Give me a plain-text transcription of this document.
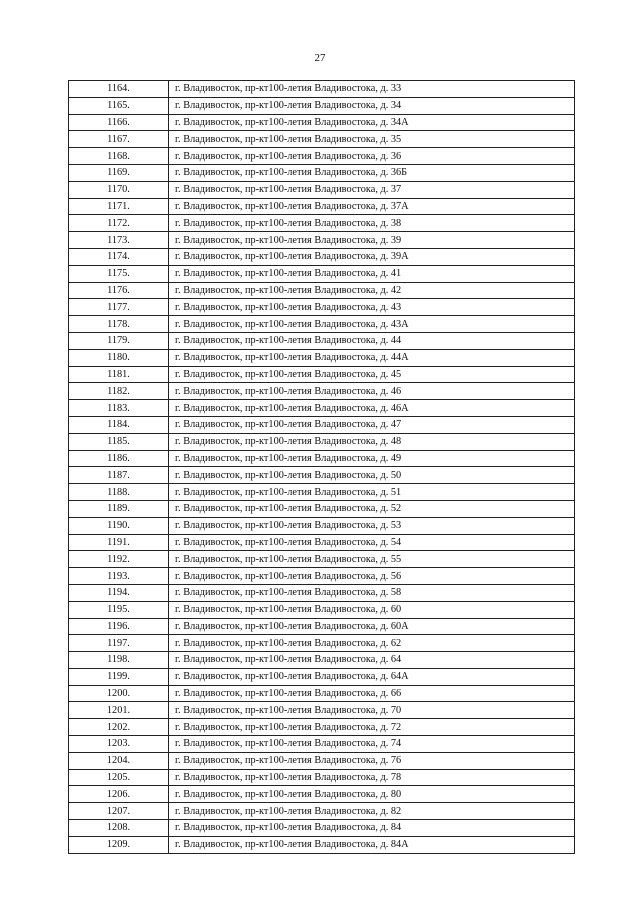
27
1164.	г. Владивосток, пр-кт100-летия Владивостока, д. 33
1165.	г. Владивосток, пр-кт100-летия Владивостока, д. 34
1166.	г. Владивосток, пр-кт100-летия Владивостока, д. 34А
1167.	г. Владивосток, пр-кт100-летия Владивостока, д. 35
1168.	г. Владивосток, пр-кт100-летия Владивостока, д. 36
1169.	г. Владивосток, пр-кт100-летия Владивостока, д. 36Б
1170.	г. Владивосток, пр-кт100-летия Владивостока, д. 37
1171.	г. Владивосток, пр-кт100-летия Владивостока, д. 37А
1172.	г. Владивосток, пр-кт100-летия Владивостока, д. 38
1173.	г. Владивосток, пр-кт100-летия Владивостока, д. 39
1174.	г. Владивосток, пр-кт100-летия Владивостока, д. 39А
1175.	г. Владивосток, пр-кт100-летия Владивостока, д. 41
1176.	г. Владивосток, пр-кт100-летия Владивостока, д. 42
1177.	г. Владивосток, пр-кт100-летия Владивостока, д. 43
1178.	г. Владивосток, пр-кт100-летия Владивостока, д. 43А
1179.	г. Владивосток, пр-кт100-летия Владивостока, д. 44
1180.	г. Владивосток, пр-кт100-летия Владивостока, д. 44А
1181.	г. Владивосток, пр-кт100-летия Владивостока, д. 45
1182.	г. Владивосток, пр-кт100-летия Владивостока, д. 46
1183.	г. Владивосток, пр-кт100-летия Владивостока, д. 46А
1184.	г. Владивосток, пр-кт100-летия Владивостока, д. 47
1185.	г. Владивосток, пр-кт100-летия Владивостока, д. 48
1186.	г. Владивосток, пр-кт100-летия Владивостока, д. 49
1187.	г. Владивосток, пр-кт100-летия Владивостока, д. 50
1188.	г. Владивосток, пр-кт100-летия Владивостока, д. 51
1189.	г. Владивосток, пр-кт100-летия Владивостока, д. 52
1190.	г. Владивосток, пр-кт100-летия Владивостока, д. 53
1191.	г. Владивосток, пр-кт100-летия Владивостока, д. 54
1192.	г. Владивосток, пр-кт100-летия Владивостока, д. 55
1193.	г. Владивосток, пр-кт100-летия Владивостока, д. 56
1194.	г. Владивосток, пр-кт100-летия Владивостока, д. 58
1195.	г. Владивосток, пр-кт100-летия Владивостока, д. 60
1196.	г. Владивосток, пр-кт100-летия Владивостока, д. 60А
1197.	г. Владивосток, пр-кт100-летия Владивостока, д. 62
1198.	г. Владивосток, пр-кт100-летия Владивостока, д. 64
1199.	г. Владивосток, пр-кт100-летия Владивостока, д. 64А
1200.	г. Владивосток, пр-кт100-летия Владивостока, д. 66
1201.	г. Владивосток, пр-кт100-летия Владивостока, д. 70
1202.	г. Владивосток, пр-кт100-летия Владивостока, д. 72
1203.	г. Владивосток, пр-кт100-летия Владивостока, д. 74
1204.	г. Владивосток, пр-кт100-летия Владивостока, д. 76
1205.	г. Владивосток, пр-кт100-летия Владивостока, д. 78
1206.	г. Владивосток, пр-кт100-летия Владивостока, д. 80
1207.	г. Владивосток, пр-кт100-летия Владивостока, д. 82
1208.	г. Владивосток, пр-кт100-летия Владивостока, д. 84
1209.	г. Владивосток, пр-кт100-летия Владивостока, д. 84А
